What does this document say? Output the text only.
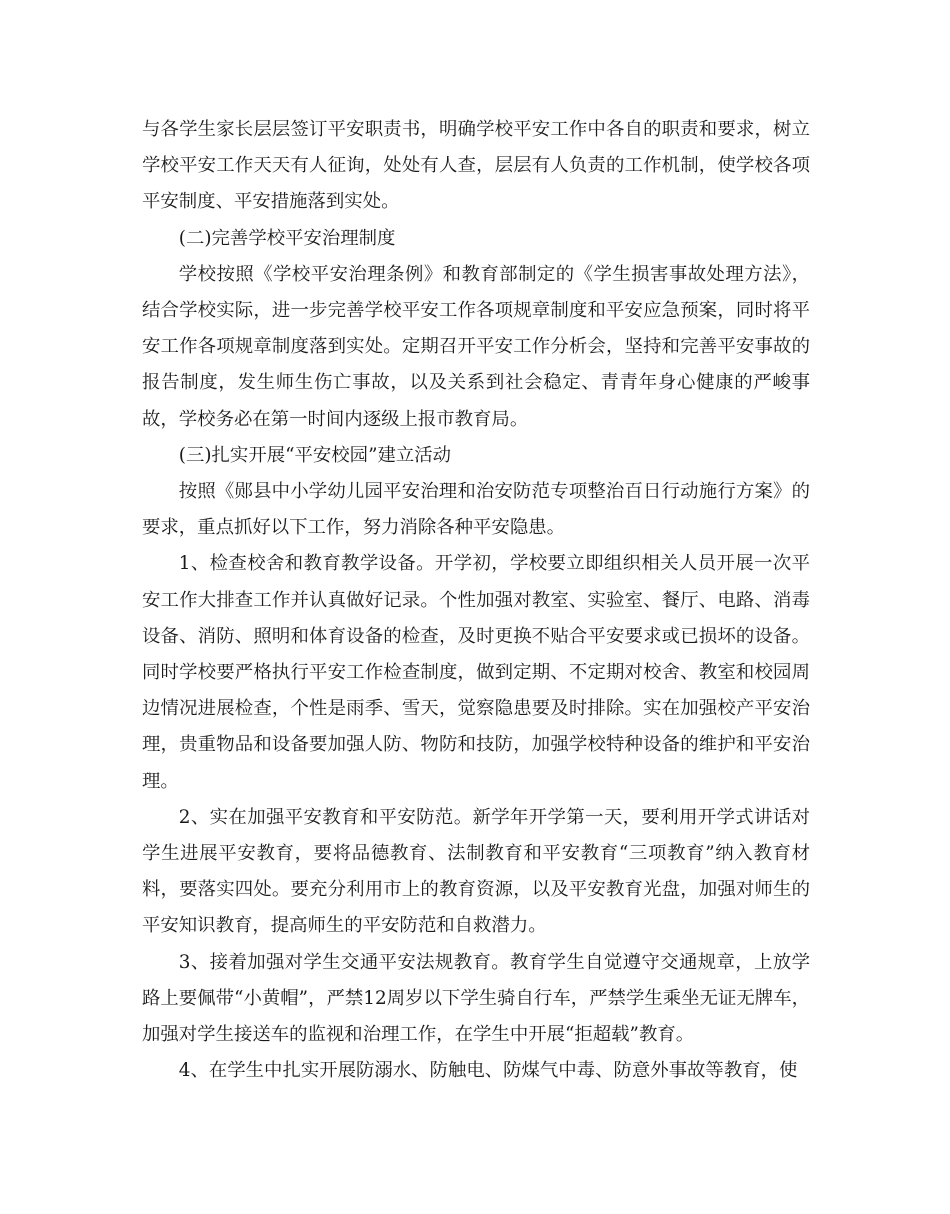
与各学生家长层层签订平安职责书，明确学校平安工作中各自的职责和要求，树立学校平安工作天天有人征询，处处有人查，层层有人负责的工作机制，使学校各项平安制度、平安措施落到实处。

(二)完善学校平安治理制度

学校按照《学校平安治理条例》和教育部制定的《学生损害事故处理方法》，结合学校实际，进一步完善学校平安工作各项规章制度和平安应急预案，同时将平安工作各项规章制度落到实处。定期召开平安工作分析会，坚持和完善平安事故的报告制度，发生师生伤亡事故，以及关系到社会稳定、青青年身心健康的严峻事故，学校务必在第一时间内逐级上报市教育局。

(三)扎实开展“平安校园”建立活动

按照《郧县中小学幼儿园平安治理和治安防范专项整治百日行动施行方案》的要求，重点抓好以下工作，努力消除各种平安隐患。

1、检查校舍和教育教学设备。开学初，学校要立即组织相关人员开展一次平安工作大排查工作并认真做好记录。个性加强对教室、实验室、餐厅、电路、消毒设备、消防、照明和体育设备的检查，及时更换不贴合平安要求或已损坏的设备。同时学校要严格执行平安工作检查制度，做到定期、不定期对校舍、教室和校园周边情况进展检查，个性是雨季、雪天，觉察隐患要及时排除。实在加强校产平安治理，贵重物品和设备要加强人防、物防和技防，加强学校特种设备的维护和平安治理。

2、实在加强平安教育和平安防范。新学年开学第一天，要利用开学式讲话对学生进展平安教育，要将品德教育、法制教育和平安教育“三项教育”纳入教育材料，要落实四处。要充分利用市上的教育资源，以及平安教育光盘，加强对师生的平安知识教育，提高师生的平安防范和自救潜力。

3、接着加强对学生交通平安法规教育。教育学生自觉遵守交通规章，上放学路上要佩带“小黄帽”，严禁12周岁以下学生骑自行车，严禁学生乘坐无证无牌车，加强对学生接送车的监视和治理工作，在学生中开展“拒超载”教育。

4、在学生中扎实开展防溺水、防触电、防煤气中毒、防意外事故等教育，使
